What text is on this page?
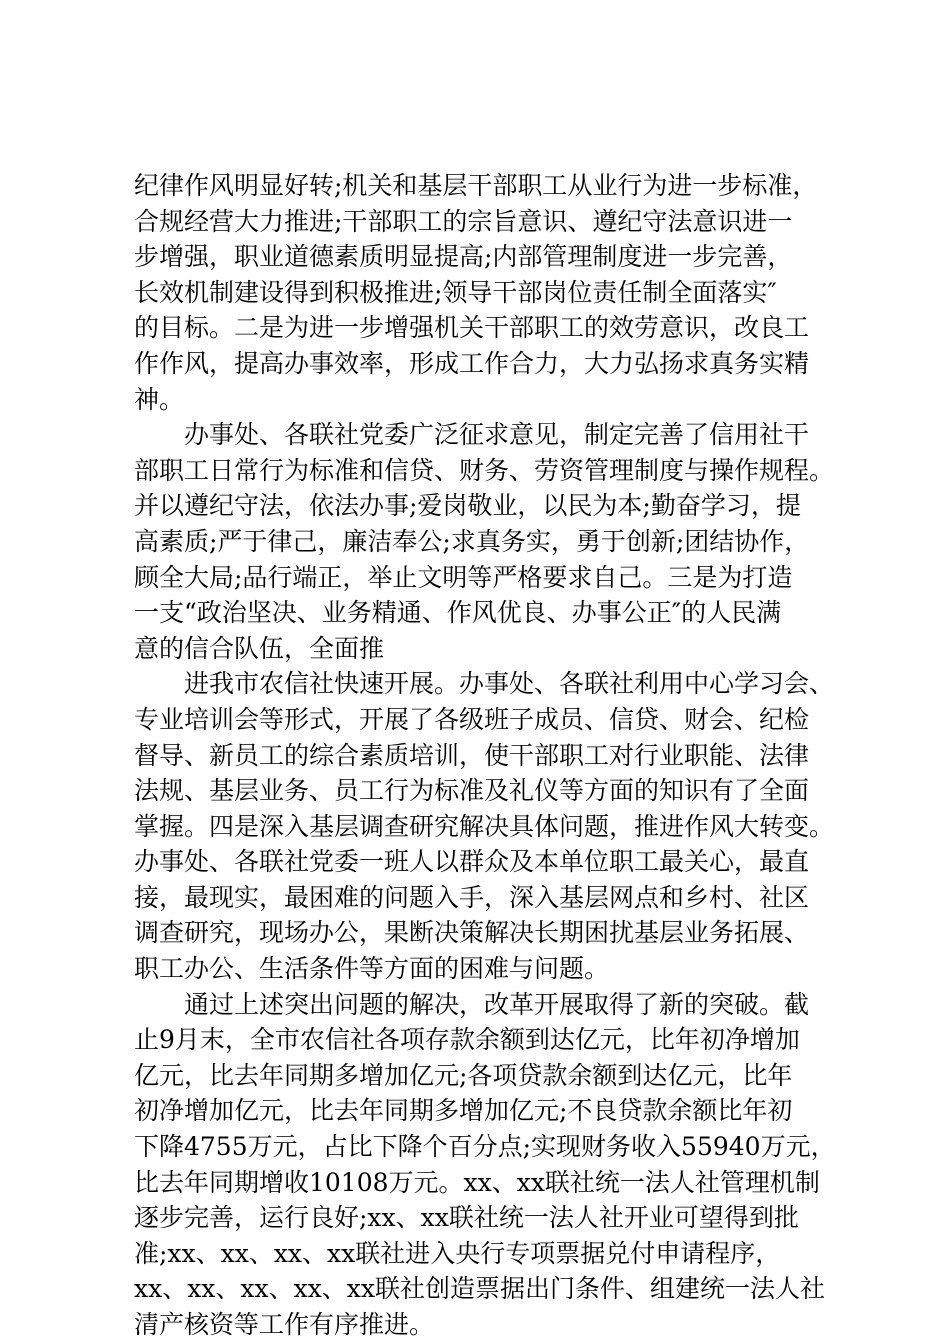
纪律作风明显好转;机关和基层干部职工从业行为进一步标准，
合规经营大力推进;干部职工的宗旨意识、遵纪守法意识进一
步增强，职业道德素质明显提高;内部管理制度进一步完善，
长效机制建设得到积极推进;领导干部岗位责任制全面落实″
的目标。二是为进一步增强机关干部职工的效劳意识，改良工
作作风，提高办事效率，形成工作合力，大力弘扬求真务实精
神。
办事处、各联社党委广泛征求意见，制定完善了信用社干
部职工日常行为标准和信贷、财务、劳资管理制度与操作规程。
并以遵纪守法，依法办事;爱岗敬业，以民为本;勤奋学习，提
高素质;严于律己，廉洁奉公;求真务实，勇于创新;团结协作，
顾全大局;品行端正，举止文明等严格要求自己。三是为打造
一支“政治坚决、业务精通、作风优良、办事公正″的人民满
意的信合队伍，全面推
进我市农信社快速开展。办事处、各联社利用中心学习会、
专业培训会等形式，开展了各级班子成员、信贷、财会、纪检
督导、新员工的综合素质培训，使干部职工对行业职能、法律
法规、基层业务、员工行为标准及礼仪等方面的知识有了全面
掌握。四是深入基层调查研究解决具体问题，推进作风大转变。
办事处、各联社党委一班人以群众及本单位职工最关心，最直
接，最现实，最困难的问题入手，深入基层网点和乡村、社区
调查研究，现场办公，果断决策解决长期困扰基层业务拓展、
职工办公、生活条件等方面的困难与问题。
通过上述突出问题的解决，改革开展取得了新的突破。截
止9月末，全市农信社各项存款余额到达亿元，比年初净增加
亿元，比去年同期多增加亿元;各项贷款余额到达亿元，比年
初净增加亿元，比去年同期多增加亿元;不良贷款余额比年初
下降4755万元，占比下降个百分点;实现财务收入55940万元，
比去年同期增收10108万元。xx、xx联社统一法人社管理机制
逐步完善，运行良好;xx、xx联社统一法人社开业可望得到批
准;xx、xx、xx、xx联社进入央行专项票据兑付申请程序，
xx、xx、xx、xx、xx联社创造票据出门条件、组建统一法人社
清产核资等工作有序推进。
